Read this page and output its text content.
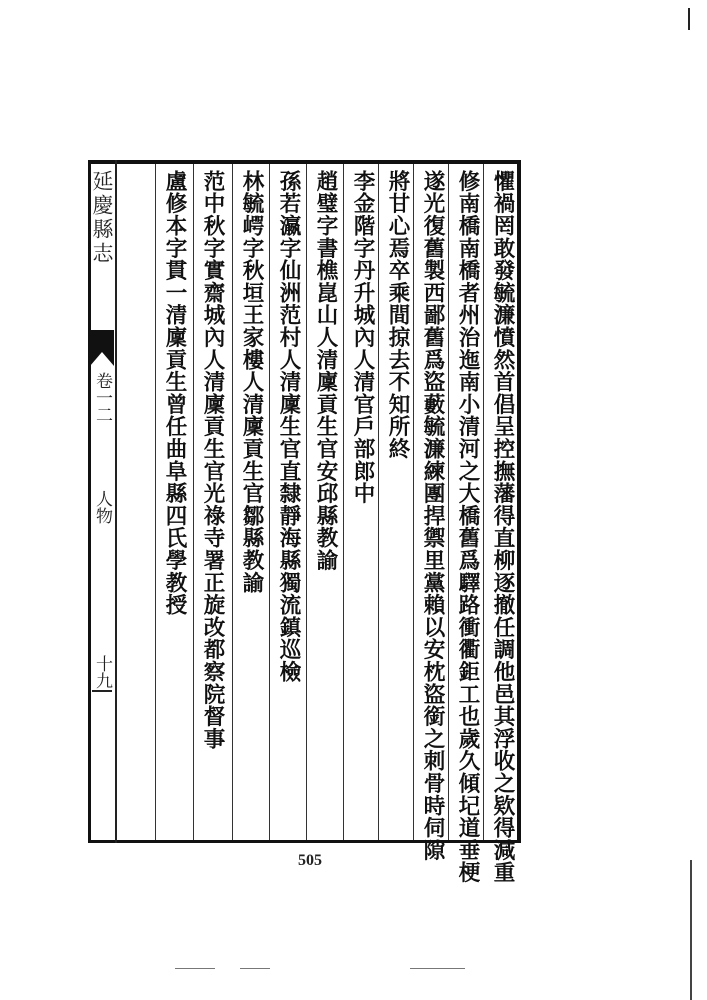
懼禍罔敢發毓濂憤然首倡呈控撫藩得直柳逐撤任調他邑其浮收之欵得減重
修南橋南橋者州治迤南小清河之大橋舊爲驛路衝衢鉅工也歲久傾圮道垂梗
遂光復舊製西鄙舊爲盜藪毓濂練團捍禦里黨賴以安枕盜銜之刺骨時伺隙
將甘心焉卒乘間掠去不知所終
李金階字丹升城內人清官戶部郎中
趙璧字書樵崑山人清廩貢生官安邱縣教諭
孫若瀛字仙洲范村人清廩生官直隸靜海縣獨流鎮巡檢
林毓崿字秋垣王家樓人清廩貢生官鄒縣教諭
范中秋字實齋城內人清廩貢生官光祿寺署正旋改都察院督事
盧修本字貫一清廩貢生曾任曲阜縣四氏學教授
延慶縣志
卷一二
人物
十九
505
